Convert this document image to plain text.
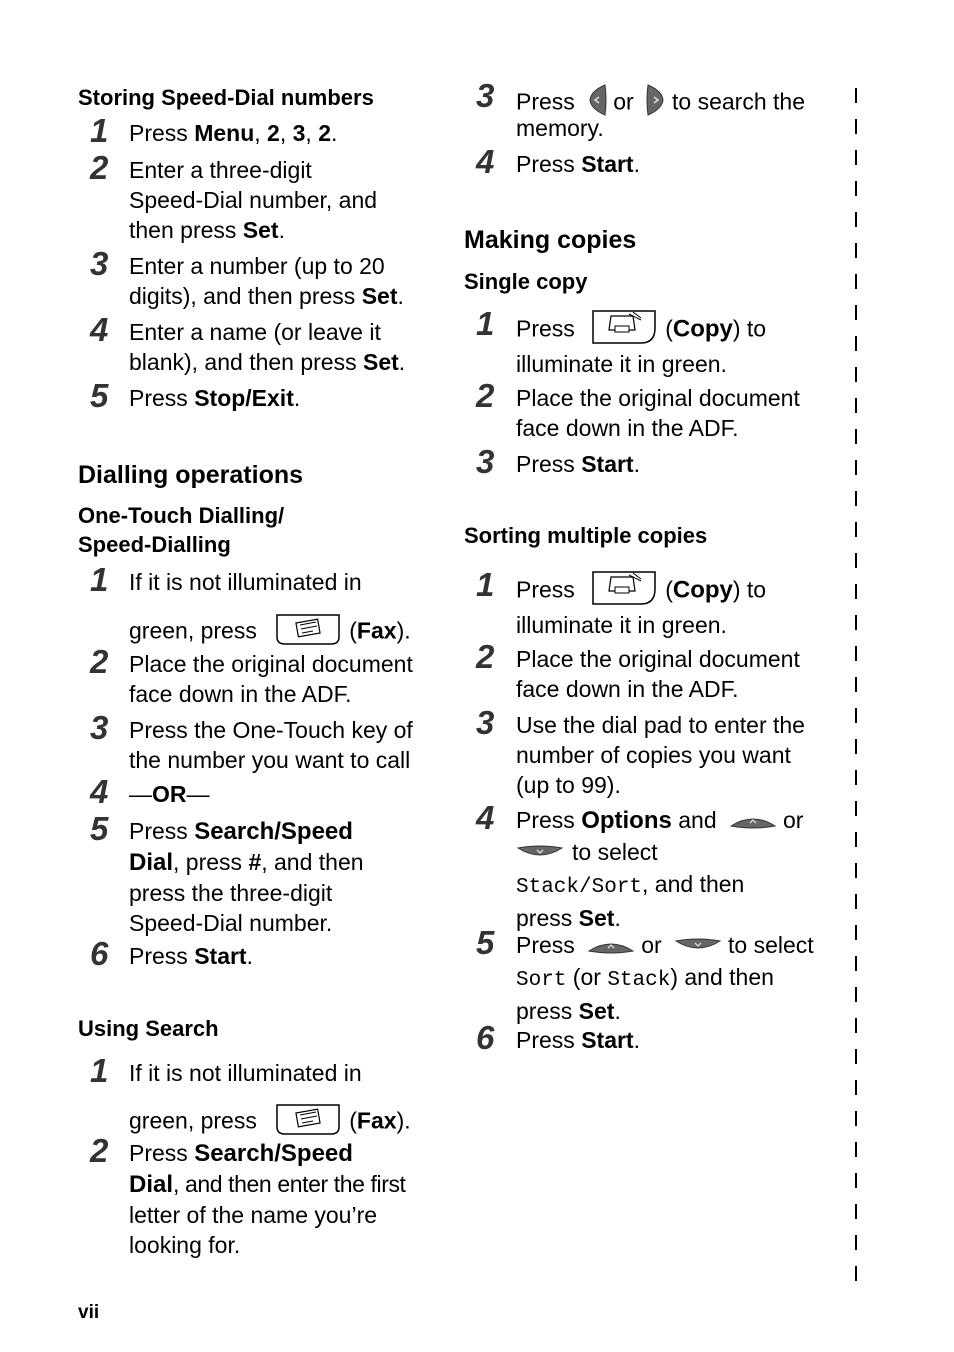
Storing Speed-Dial numbers
1 Press Menu, 2, 3, 2.
2 Enter a three-digit
Speed-Dial number, and
then press Set.
3 Enter a number (up to 20
digits), and then press Set.
4 Enter a name (or leave it
blank), and then press Set.
5 Press Stop/Exit.
Dialling operations
One-Touch Dialling/
Speed-Dialling
1 If it is not illuminated in
green, press	(Fax).
2 Place the original document
face down in the ADF.
3 Press the One-Touch key of
the number you want to call
4 —OR—
5 Press Search/Speed
Dial, press #, and then
press the three-digit
Speed-Dial number.
6 Press Start.
Using Search
1 If it is not illuminated in
green, press	(Fax).
2 Press Search/Speed
Dial, and then enter the first
letter of the name you’re
looking for.
3 Press or to search the
memory.
4 Press Start.
Making copies
Single copy
1 Press	(Copy) to
illuminate it in green.
2 Place the original document
face down in the ADF.
3 Press Start.
Sorting multiple copies
1 Press	(Copy) to
illuminate it in green.
2 Place the original document
face down in the ADF.
3 Use the dial pad to enter the
number of copies you want
(up to 99).
4 Press Options and	or
to select
Stack/Sort, and then
press Set.
5 Press	or	to select
Sort (or Stack) and then
press Set.
6 Press Start.
vii
